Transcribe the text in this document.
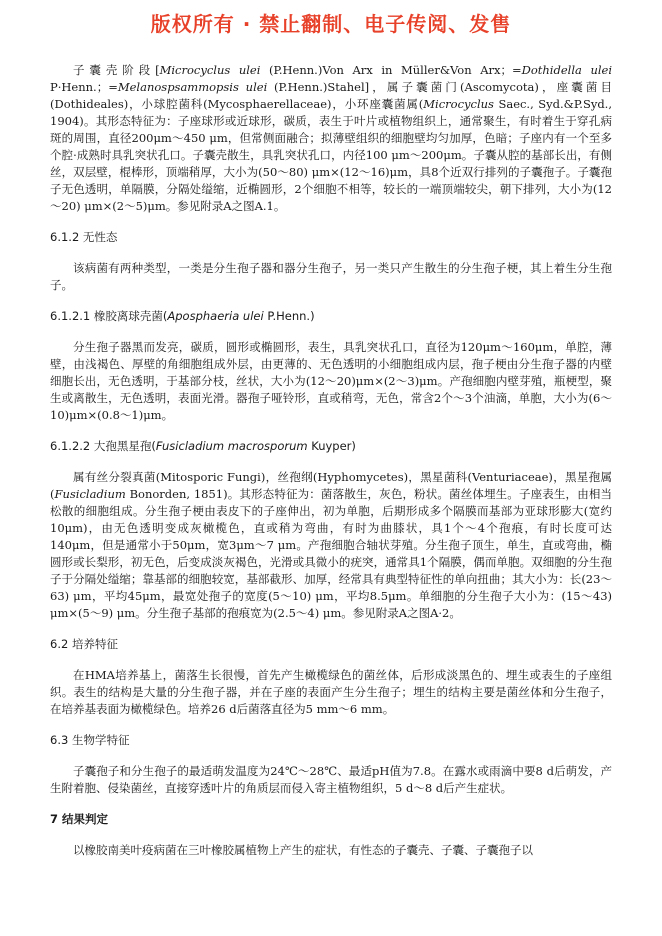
版权所有 · 禁止翻制、电子传阅、发售

子囊壳阶段[Microcyclus ulei (P.Henn.)Von Arx in Müller&Von Arx；=Dothidella ulei P·Henn.；=Melanospsammopsis ulei (P.Henn.)Stahel]，属子囊菌门(Ascomycota)，座囊菌目(Dothideales)，小球腔菌科(Mycosphaerellaceae)，小环座囊菌属(Microcyclus Saec., Syd.&P.Syd., 1904)。其形态特征为：子座球形或近球形，碳质，表生于叶片或植物组织上，通常聚生，有时着生于穿孔病斑的周围，直径200μm～450 μm，但常侧面融合；拟薄壁组织的细胞壁均匀加厚，色暗；子座内有一个至多个腔·成熟时具乳突状孔口。子囊壳散生，具乳突状孔口，内径100 μm～200μm。子囊从腔的基部长出，有侧丝，双层壁，棍棒形，顶端稍厚，大小为(50～80) μm×(12～16)μm，具8个近双行排列的子囊孢子。子囊孢子无色透明，单隔膜，分隔处缢缩，近椭圆形，2个细胞不相等，较长的一端顶端较尖，朝下排列，大小为(12～20) μm×(2～5)μm。参见附录A之图A.1。

6.1.2 无性态

该病菌有两种类型，一类是分生孢子器和器分生孢子，另一类只产生散生的分生孢子梗，其上着生分生孢子。

6.1.2.1 橡胶离球壳菌(Aposphaeria ulei P.Henn.)

分生孢子器黑而发亮，碳质，圆形或椭圆形，表生，具乳突状孔口，直径为120μm～160μm，单腔，薄壁，由浅褐色、厚壁的角细胞组成外层，由更薄的、无色透明的小细胞组成内层，孢子梗由分生孢子器的内壁细胞长出，无色透明，于基部分枝，丝状，大小为(12～20)μm×(2～3)μm。产孢细胞内壁芽殖，瓶梗型，聚生或离散生，无色透明，表面光滑。器孢子哑铃形，直或稍弯，无色，常含2个～3个油滴，单胞，大小为(6～10)μm×(0.8～1)μm。

6.1.2.2 大孢黑星孢(Fusicladium macrosporum Kuyper)

属有丝分裂真菌(Mitosporic Fungi)，丝孢纲(Hyphomycetes)，黑星菌科(Venturiaceae)，黑星孢属(Fusicladium Bonorden, 1851)。其形态特征为：菌落散生，灰色，粉状。菌丝体埋生。子座表生，由相当松散的细胞组成。分生孢子梗由表皮下的子座伸出，初为单胞，后期形成多个隔膜而基部为亚球形膨大(宽约10μm)，由无色透明变成灰橄榄色，直或稍为弯曲，有时为曲膝状，具1个～4个孢痕，有时长度可达140μm，但是通常小于50μm，宽3μm～7 μm。产孢细胞合轴状芽殖。分生孢子顶生，单生，直或弯曲，椭圆形或长梨形，初无色，后变成淡灰褐色，光滑或具微小的疣突，通常具1个隔膜，偶而单胞。双细胞的分生孢子于分隔处缢缩；靠基部的细胞较宽，基部截形、加厚，经常具有典型特征性的单向扭曲；其大小为：长(23～63) μm，平均45μm，最宽处孢子的宽度(5～10) μm，平均8.5μm。单细胞的分生孢子大小为：(15～43) μm×(5～9) μm。分生孢子基部的孢痕宽为(2.5～4) μm。参见附录A之图A·2。

6.2 培养特征

在HMA培养基上，菌落生长很慢，首先产生橄榄绿色的菌丝体，后形成淡黑色的、埋生或表生的子座组织。表生的结构是大量的分生孢子器，并在子座的表面产生分生孢子；埋生的结构主要是菌丝体和分生孢子，在培养基表面为橄榄绿色。培养26 d后菌落直径为5 mm～6 mm。

6.3 生物学特征

子囊孢子和分生孢子的最适萌发温度为24℃～28℃、最适pH值为7.8。在露水或雨滴中要8 d后萌发，产生附着胞、侵染菌丝，直接穿透叶片的角质层而侵入寄主植物组织，5 d～8 d后产生症状。

7 结果判定

以橡胶南美叶疫病菌在三叶橡胶属植物上产生的症状，有性态的子囊壳、子囊、子囊孢子以
